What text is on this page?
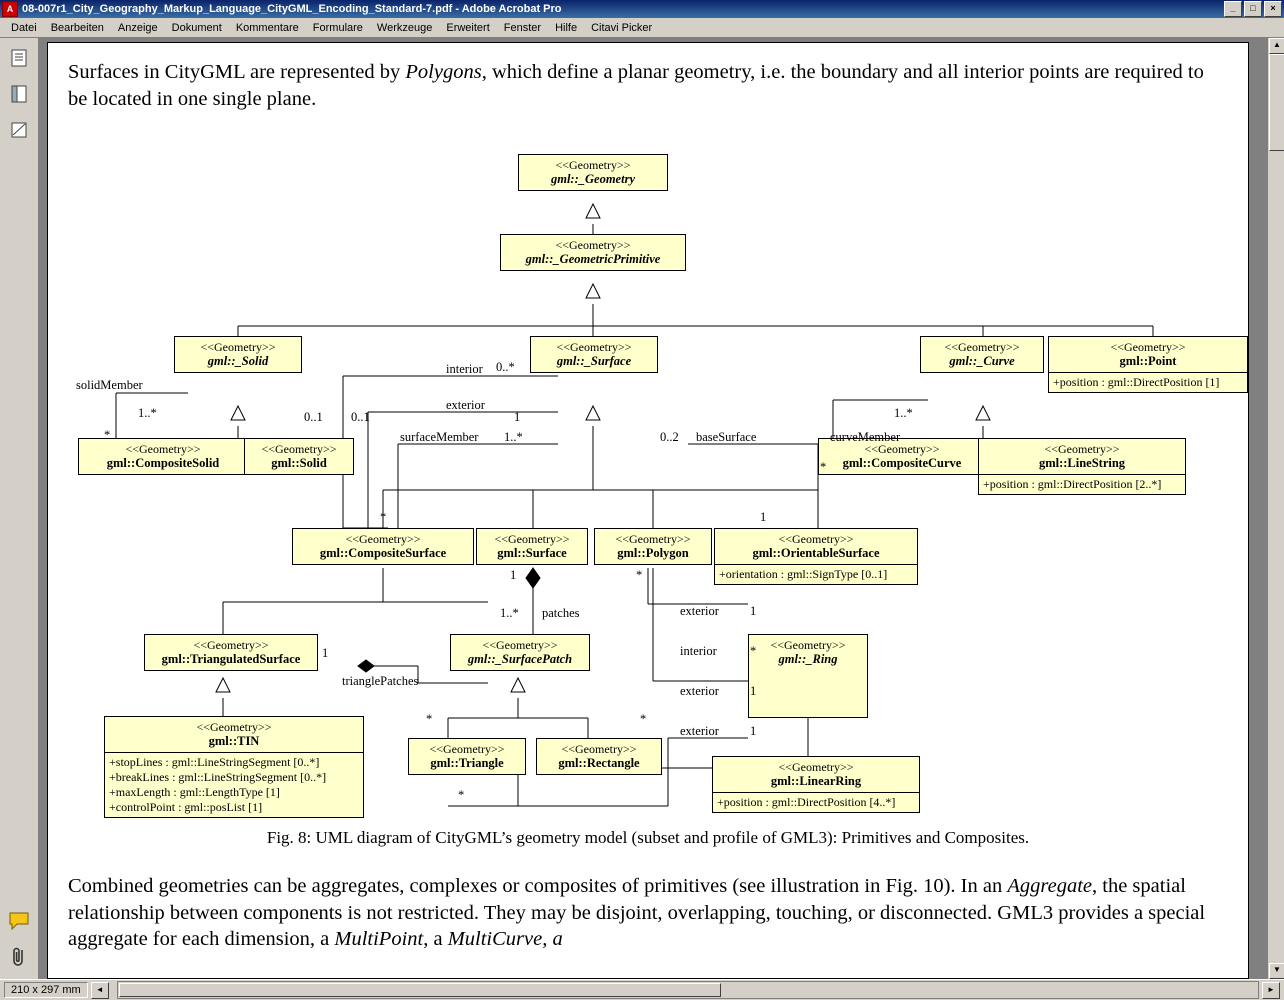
A 08-007r1_City_Geography_Markup_Language_CityGML_Encoding_Standard-7.pdf - Adobe Acrobat Pro	_	□	×
Datei	Bearbeiten	Anzeige	Dokument	Kommentare	Formulare	Werkzeuge	Erweitert	Fenster	Hilfe	Citavi Picker
Surfaces in CityGML are represented by Polygons, which define a planar geometry, i.e. the boundary and all interior points are required to be located in one single plane.
<<Geometry>>
gml::_Geometry
<<Geometry>>
gml::_GeometricPrimitive
<<Geometry>>
gml::_Solid
<<Geometry>>
gml::_Surface
<<Geometry>>
gml::_Curve
<<Geometry>>
gml::Point
+position : gml::DirectPosition [1]
<<Geometry>>
gml::CompositeSolid
<<Geometry>>
gml::Solid
<<Geometry>>
gml::CompositeCurve
<<Geometry>>
gml::LineString
+position : gml::DirectPosition [2..*]
<<Geometry>>
gml::CompositeSurface
<<Geometry>>
gml::Surface
<<Geometry>>
gml::Polygon
<<Geometry>>
gml::OrientableSurface
+orientation : gml::SignType [0..1]
<<Geometry>>
gml::TriangulatedSurface
<<Geometry>>
gml::_SurfacePatch
<<Geometry>>
gml::_Ring
<<Geometry>>
gml::TIN
+stopLines : gml::LineStringSegment [0..*]
+breakLines : gml::LineStringSegment [0..*]
+maxLength : gml::LengthType [1]
+controlPoint : gml::posList [1]
<<Geometry>>
gml::Triangle
<<Geometry>>
gml::Rectangle	<<Geometry>>
gml::LinearRing
+position : gml::DirectPosition [4..*]
interior 0..*
exterior
1
solidMember
1..*
*
0..1 0..1
surfaceMember 1..*	0..2 baseSurface
1..*
curveMember
*
*	1
1
1..* patches
1
trianglePatches
*
*
*
*
exterior 1
interior	*
exterior 1
exterior 1
Fig. 8: UML diagram of CityGML’s geometry model (subset and profile of GML3): Primitives and Composites.
Combined geometries can be aggregates, complexes or composites of primitives (see illustration in Fig. 10). In an Aggregate, the spatial relationship between components is not restricted. They may be disjoint, overlapping, touching, or disconnected. GML3 provides a special aggregate for each dimension, a MultiPoint, a MultiCurve, a
▲
▼
210 x 297 mm	◄	►
